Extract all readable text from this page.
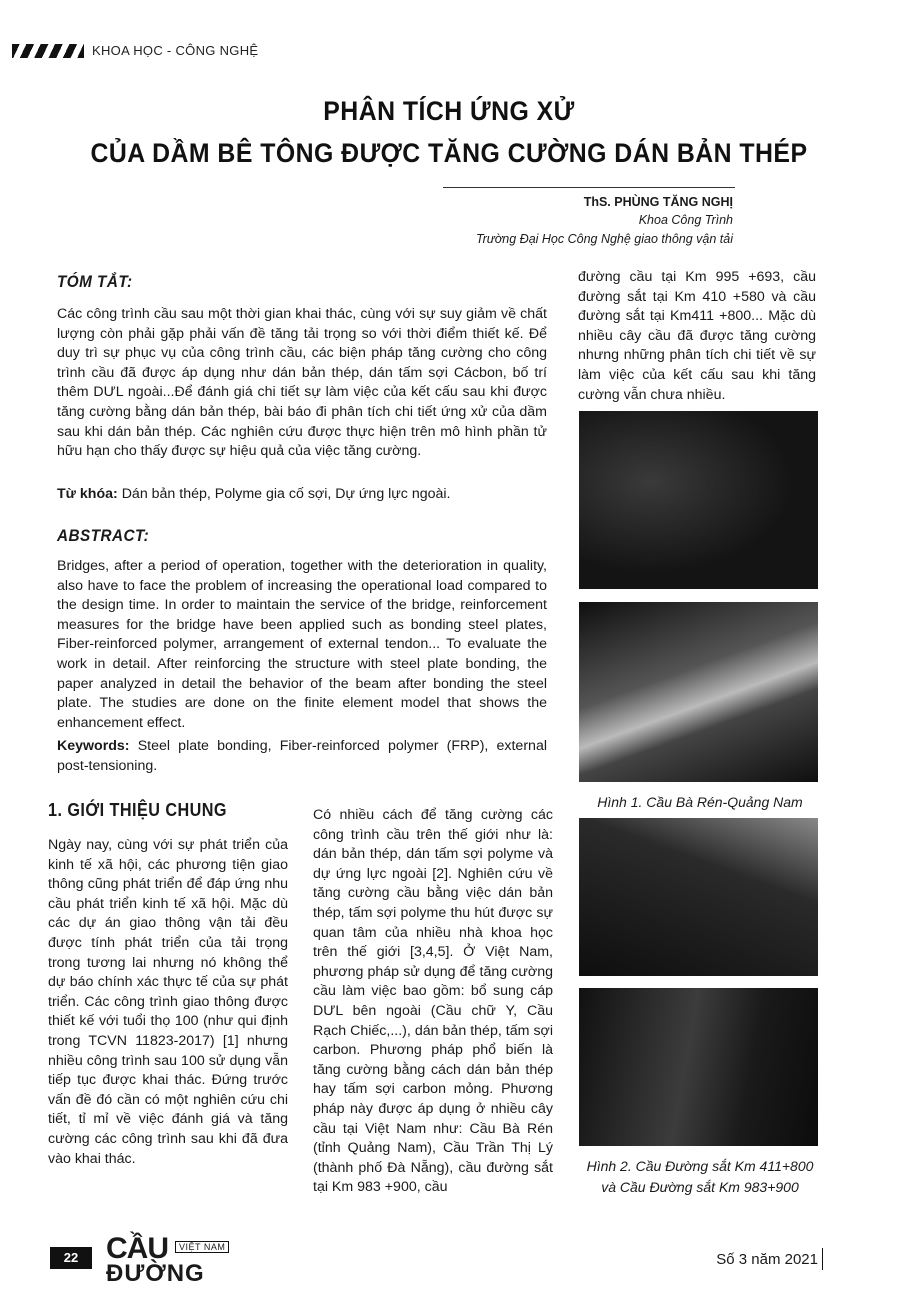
KHOA HỌC - CÔNG NGHỆ
PHÂN TÍCH ỨNG XỬ
CỦA DẦM BÊ TÔNG ĐƯỢC TĂNG CƯỜNG DÁN BẢN THÉP
ThS. PHÙNG TĂNG NGHỊ
Khoa Công Trình
Trường Đại Học Công Nghệ giao thông vận tải
TÓM TẮT:
Các công trình cầu sau một thời gian khai thác, cùng với sự suy giảm về chất lượng còn phải gặp phải vấn đề tăng tải trọng so với thời điểm thiết kế. Để duy trì sự phục vụ của công trình cầu, các biện pháp tăng cường cho công trình cầu đã được áp dụng như dán bản thép, dán tấm sợi Cácbon, bố trí thêm DƯL ngoài...Để đánh giá chi tiết sự làm việc của kết cấu sau khi được tăng cường bằng dán bản thép, bài báo đi phân tích chi tiết ứng xử của dầm sau khi dán bản thép. Các nghiên cứu được thực hiện trên mô hình phần tử hữu hạn cho thấy được sự hiệu quả của việc tăng cường.
Từ khóa: Dán bản thép, Polyme gia cố sợi, Dự ứng lực ngoài.
ABSTRACT:
Bridges, after a period of operation, together with the deterioration in quality, also have to face the problem of increasing the operational load compared to the design time. In order to maintain the service of the bridge, reinforcement measures for the bridge have been applied such as bonding steel plates, Fiber-reinforced polymer, arrangement of external tendon... To evaluate the work in detail. After reinforcing the structure with steel plate bonding, the paper analyzed in detail the behavior of the beam after bonding the steel plate. The studies are done on the finite element model that shows the enhancement effect.
Keywords: Steel plate bonding, Fiber-reinforced polymer (FRP), external post-tensioning.
1. GIỚI THIỆU CHUNG
Ngày nay, cùng với sự phát triển của kinh tế xã hội, các phương tiện giao thông cũng phát triển để đáp ứng nhu cầu phát triển kinh tế xã hội. Mặc dù các dự án giao thông vận tải đều được tính phát triển của tải trọng trong tương lai nhưng nó không thể dự báo chính xác thực tế của sự phát triển. Các công trình giao thông được thiết kế với tuổi thọ 100 (như qui định trong TCVN 11823-2017) [1] nhưng nhiều công trình sau 100 sử dụng vẫn tiếp tục được khai thác. Đứng trước vấn đề đó cần có một nghiên cứu chi tiết, tỉ mỉ về việc đánh giá và tăng cường các công trình sau khi đã đưa vào khai thác.
Có nhiều cách để tăng cường các công trình cầu trên thế giới như là: dán bản thép, dán tấm sợi polyme và dự ứng lực ngoài [2]. Nghiên cứu về tăng cường cầu bằng việc dán bản thép, tấm sợi polyme thu hút được sự quan tâm của nhiều nhà khoa học trên thế giới [3,4,5]. Ở Việt Nam, phương pháp sử dụng để tăng cường cầu làm việc bao gồm: bổ sung cáp DƯL bên ngoài (Cầu chữ Y, Cầu Rạch Chiếc,...), dán bản thép, tấm sợi carbon. Phương pháp phổ biến là tăng cường bằng cách dán bản thép hay tấm sợi carbon mỏng. Phương pháp này được áp dụng ở nhiều cây cầu tại Việt Nam như: Cầu Bà Rén (tỉnh Quảng Nam), Cầu Trần Thị Lý (thành phố Đà Nẵng), cầu đường sắt tại Km 983 +900, cầu
đường cầu tại Km 995 +693, cầu đường sắt tại Km 410 +580 và cầu đường sắt tại Km411 +800... Mặc dù nhiều cây cầu đã được tăng cường nhưng những phân tích chi tiết về sự làm việc của kết cấu sau khi tăng cường vẫn chưa nhiều.
Hình 1. Cầu Bà Rén-Quảng Nam
Hình 2. Cầu Đường sắt Km 411+800 và Cầu Đường sắt Km 983+900
22 CẦU	VIỆT NAM
ĐƯỜNG
Số 3 năm 2021
